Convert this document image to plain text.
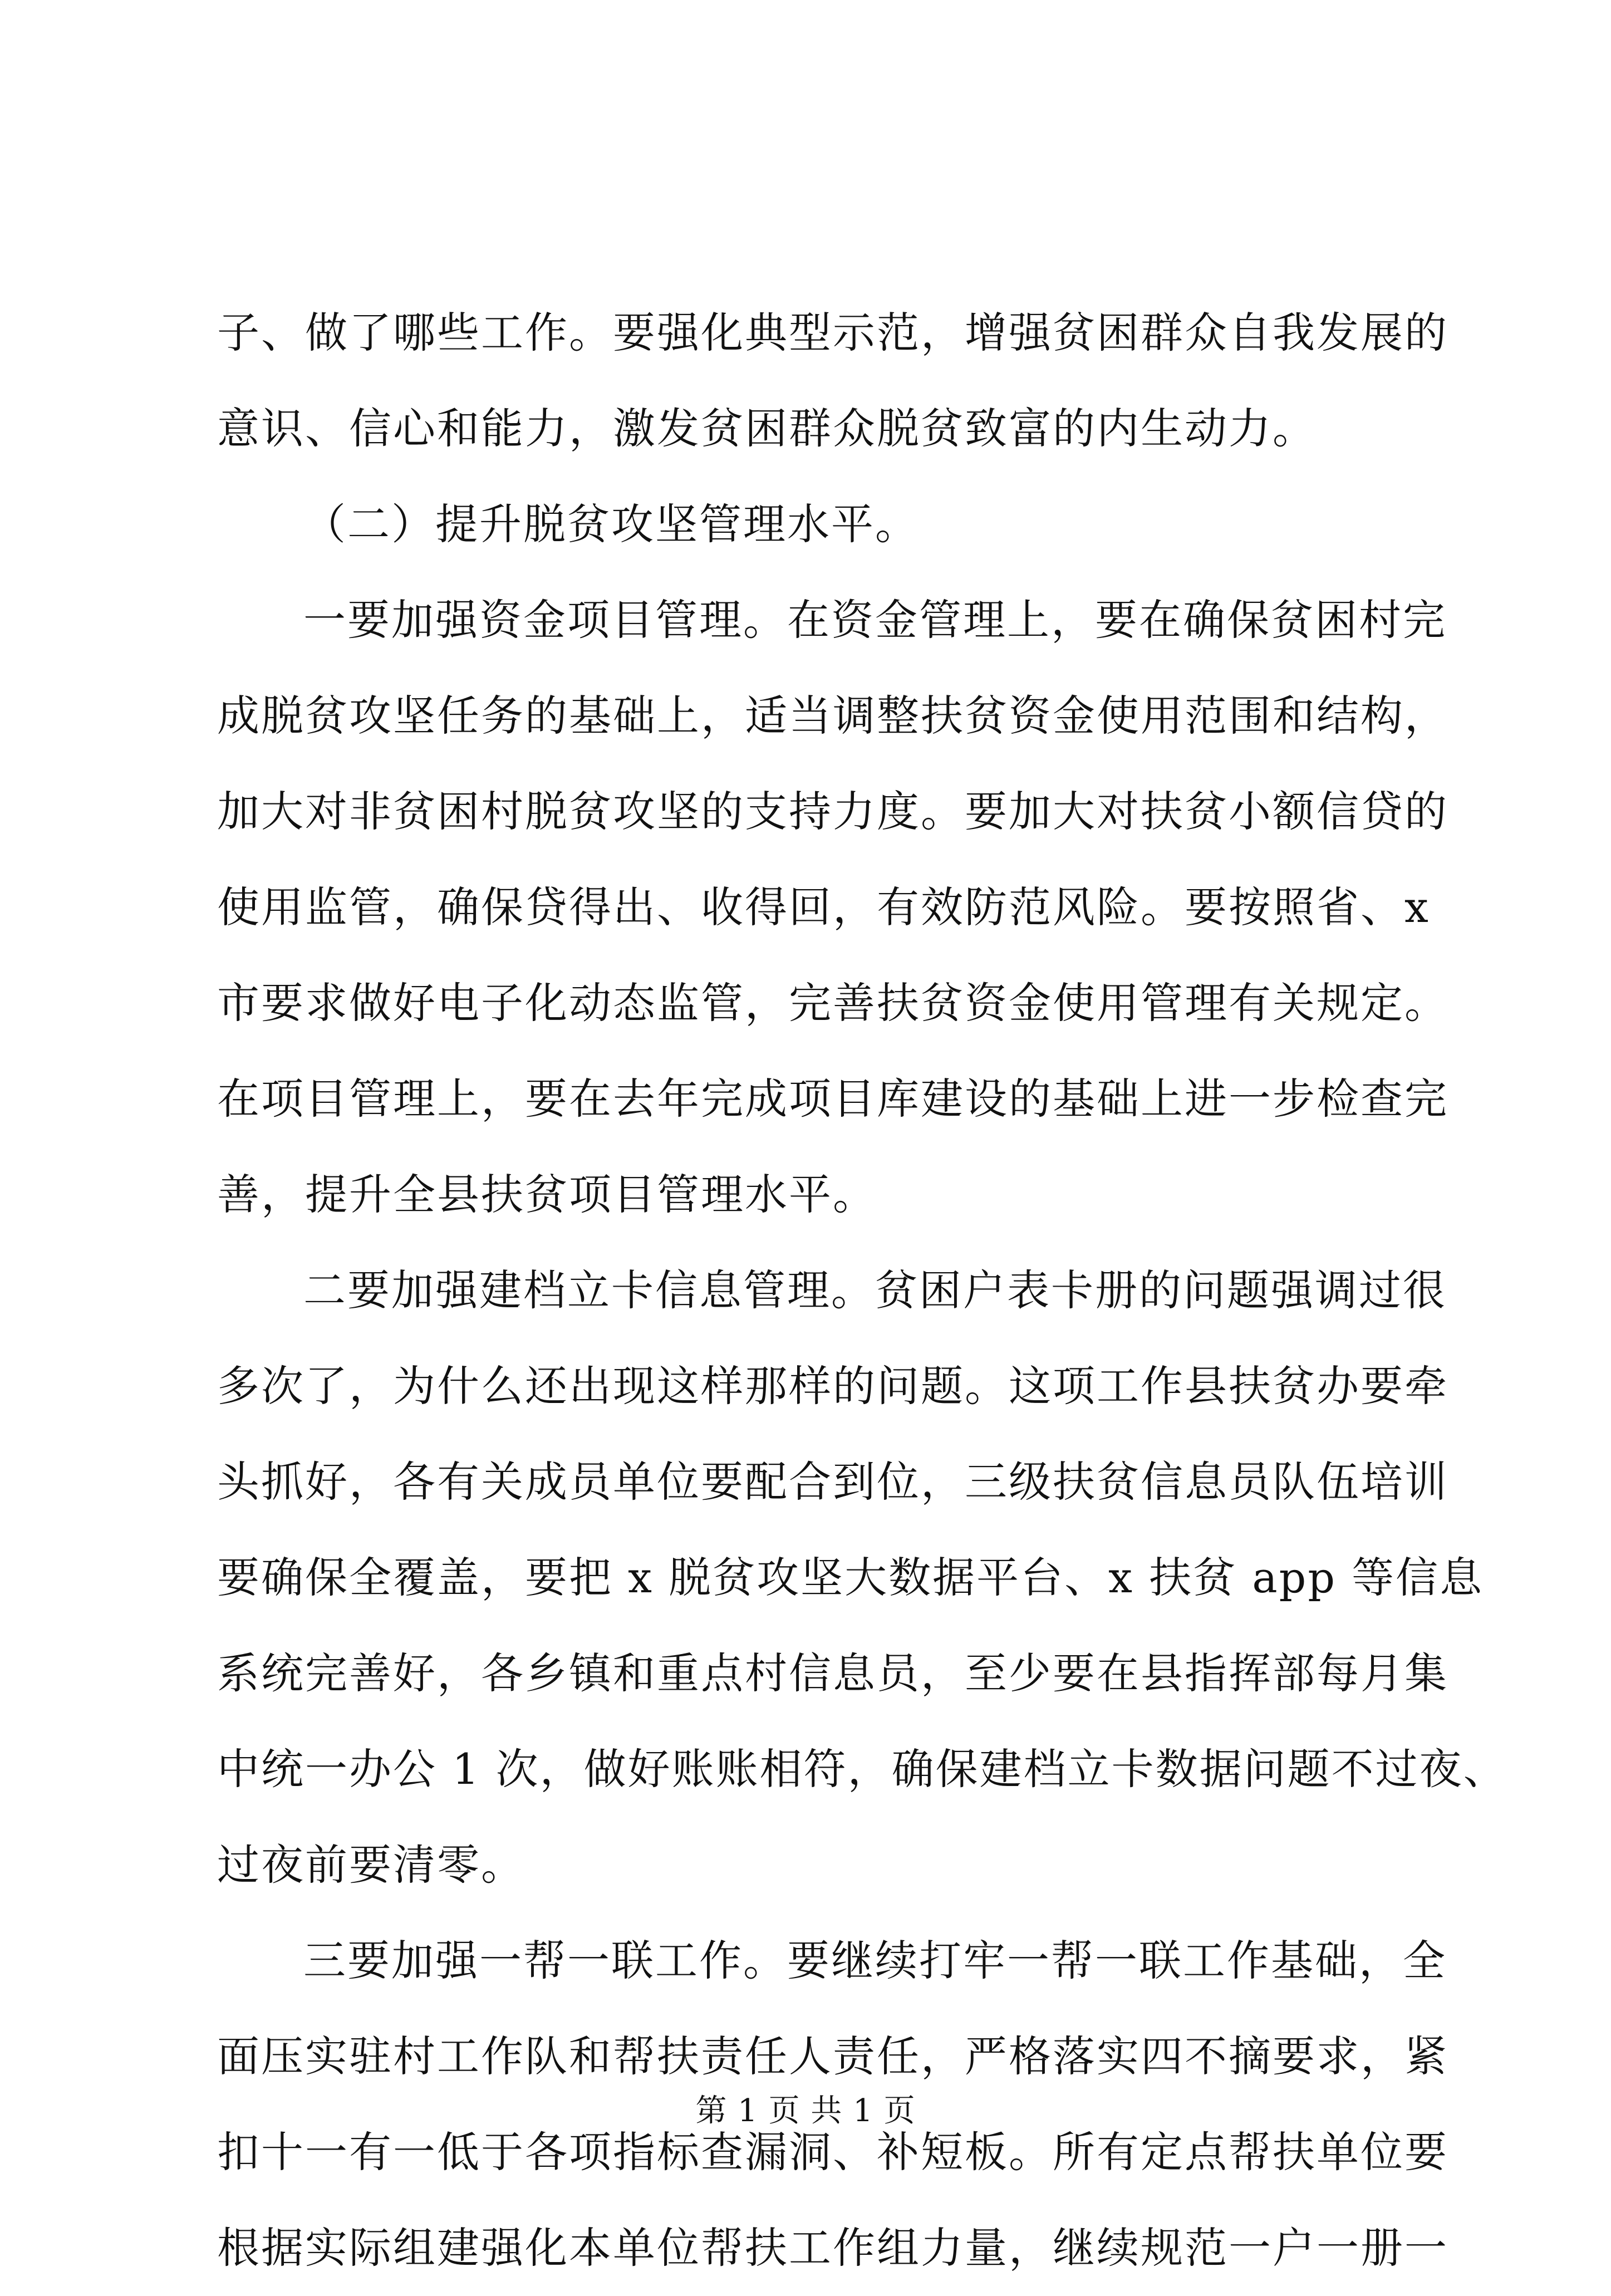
子、做了哪些工作。要强化典型示范，增强贫困群众自我发展的
意识、信心和能力，激发贫困群众脱贫致富的内生动力。
（二）提升脱贫攻坚管理水平。
一要加强资金项目管理。在资金管理上，要在确保贫困村完
成脱贫攻坚任务的基础上，适当调整扶贫资金使用范围和结构，
加大对非贫困村脱贫攻坚的支持力度。要加大对扶贫小额信贷的
使用监管，确保贷得出、收得回，有效防范风险。要按照省、x
市要求做好电子化动态监管，完善扶贫资金使用管理有关规定。
在项目管理上，要在去年完成项目库建设的基础上进一步检查完
善，提升全县扶贫项目管理水平。
二要加强建档立卡信息管理。贫困户表卡册的问题强调过很
多次了，为什么还出现这样那样的问题。这项工作县扶贫办要牵
头抓好，各有关成员单位要配合到位，三级扶贫信息员队伍培训
要确保全覆盖，要把 x 脱贫攻坚大数据平台、x 扶贫 app 等信息
系统完善好，各乡镇和重点村信息员，至少要在县指挥部每月集
中统一办公 1 次，做好账账相符，确保建档立卡数据问题不过夜、
过夜前要清零。
三要加强一帮一联工作。要继续打牢一帮一联工作基础，全
面压实驻村工作队和帮扶责任人责任，严格落实四不摘要求，紧
扣十一有一低于各项指标查漏洞、补短板。所有定点帮扶单位要
根据实际组建强化本单位帮扶工作组力量，继续规范一户一册一
第 1 页 共 1 页
